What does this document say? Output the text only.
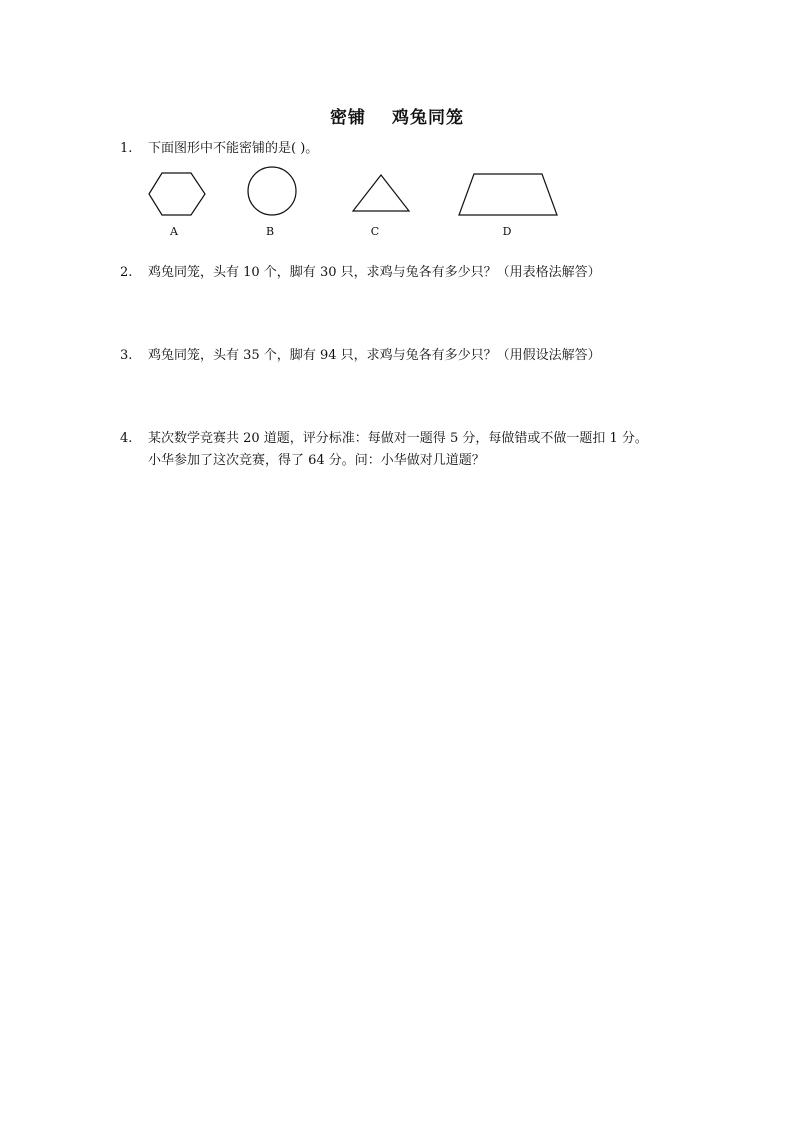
密铺 鸡兔同笼
1. 下面图形中不能密铺的是( )。
A	B	C	D
2. 鸡兔同笼，头有 10 个，脚有 30 只，求鸡与兔各有多少只？（用表格法解答）
3. 鸡兔同笼，头有 35 个，脚有 94 只，求鸡与兔各有多少只？（用假设法解答）
4. 某次数学竞赛共 20 道题，评分标准：每做对一题得 5 分，每做错或不做一题扣 1 分。
小华参加了这次竞赛，得了 64 分。问：小华做对几道题？
